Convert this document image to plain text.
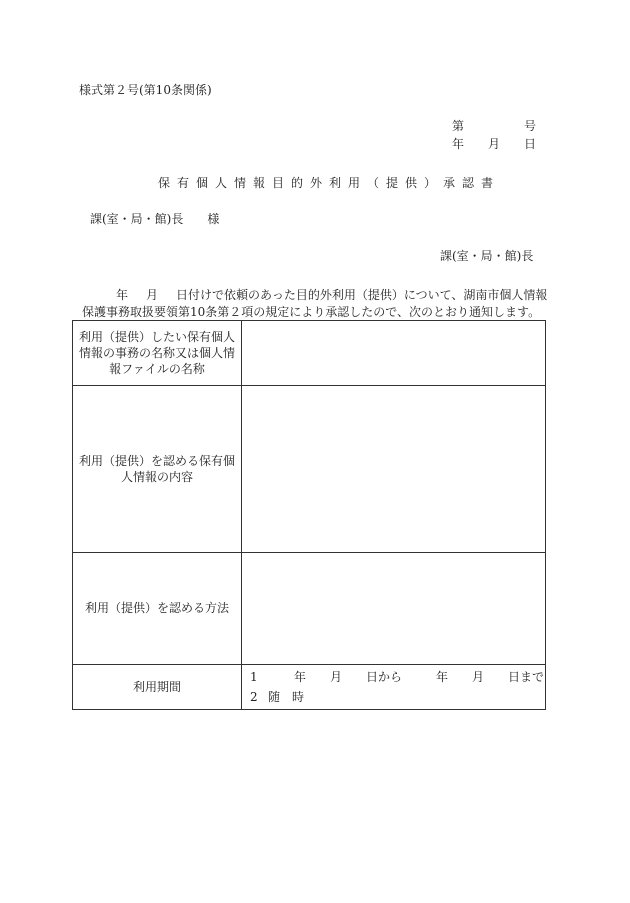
様式第２号(第10条関係)
第	号
年 月 日
保有個人情報目的外利用（提供）承認書
課(室・局・館)長 様
課(室・局・館)長
年 月 日付けで依頼のあった目的外利用（提供）について、湖南市個人情報
保護事務取扱要領第10条第２項の規定により承認したので、次のとおり通知します。
利用（提供）したい保有個人情報の事務の名称又は個人情報ファイルの名称	
利用（提供）を認める保有個人情報の内容	
利用（提供）を認める方法	
利用期間	1 年 月 日から 年 月 日まで
2 随　時
